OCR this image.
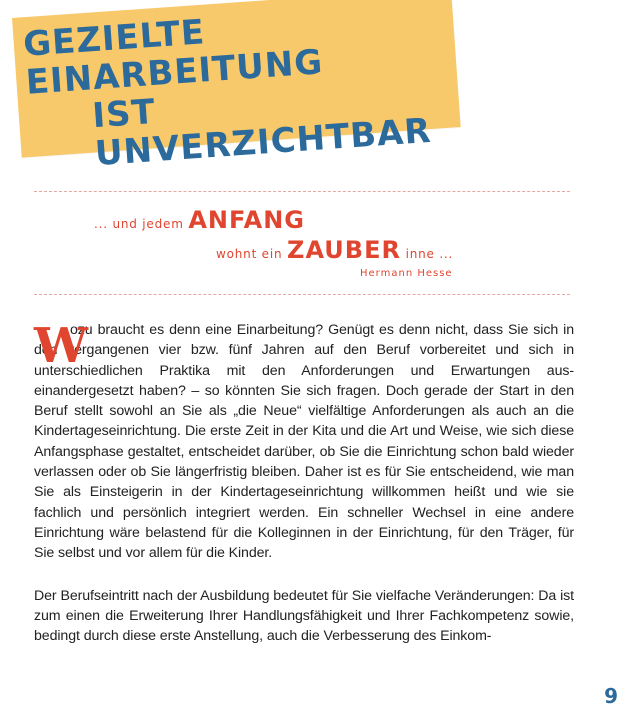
GEZIELTE EINARBEITUNG
IST UNVERZICHTBAR
... und jedem ANFANG
wohnt ein ZAUBER inne ...
Hermann Hesse
W

ozu braucht es denn eine Einarbeitung? Genügt es denn nicht, dass Sie sich in den vergangenen vier bzw. fünf Jahren auf den Beruf vorbereitet und sich in unterschiedlichen Praktika mit den Anforderungen und Erwartungen aus- einandergesetzt haben? – so könnten Sie sich fragen. Doch gerade der Start in den Beruf stellt sowohl an Sie als „die Neue“ vielfältige Anforderungen als auch an die Kindertageseinrichtung. Die erste Zeit in der Kita und die Art und Weise, wie sich diese Anfangsphase gestaltet, entscheidet darüber, ob Sie die Einrichtung schon bald wieder verlassen oder ob Sie längerfristig bleiben. Daher ist es für Sie entscheidend, wie man Sie als Einsteigerin in der Kindertageseinrichtung willkommen heißt und wie sie fachlich und persönlich integriert werden. Ein schneller Wechsel in eine andere Einrichtung wäre belastend für die Kolleginnen in der Einrichtung, für den Träger, für Sie selbst und vor allem für die Kinder.

Der Berufseintritt nach der Ausbildung bedeutet für Sie vielfache Veränderungen: Da ist zum einen die Erweiterung Ihrer Handlungsfähigkeit und Ihrer Fachkompetenz sowie, bedingt durch diese erste Anstellung, auch die Verbesserung des Einkom-

9
